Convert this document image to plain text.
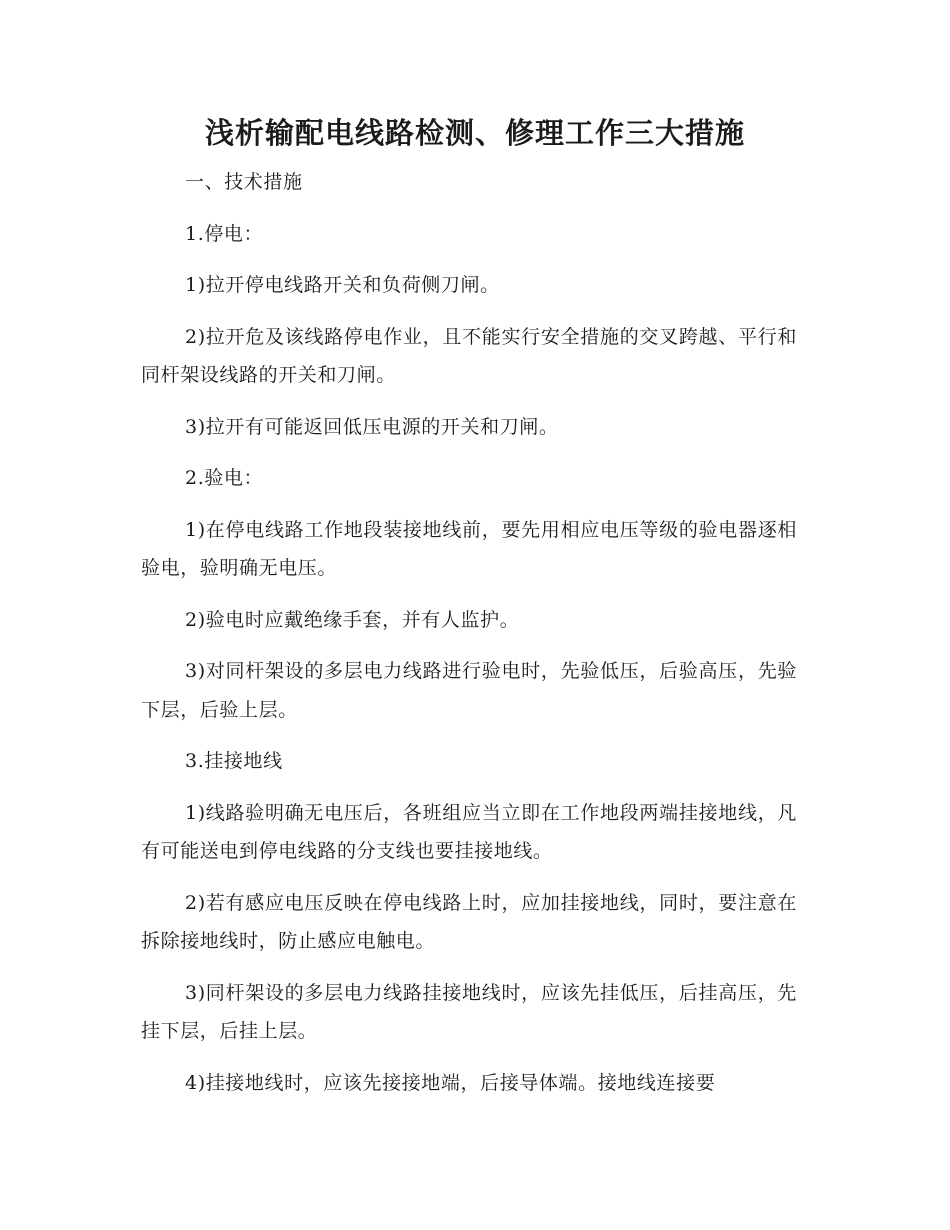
浅析输配电线路检测、修理工作三大措施

一、技术措施

1.停电：

1)拉开停电线路开关和负荷侧刀闸。

2)拉开危及该线路停电作业，且不能实行安全措施的交叉跨越、平行和同杆架设线路的开关和刀闸。

3)拉开有可能返回低压电源的开关和刀闸。

2.验电：

1)在停电线路工作地段装接地线前，要先用相应电压等级的验电器逐相验电，验明确无电压。

2)验电时应戴绝缘手套，并有人监护。

3)对同杆架设的多层电力线路进行验电时，先验低压，后验高压，先验下层，后验上层。

3.挂接地线

1)线路验明确无电压后，各班组应当立即在工作地段两端挂接地线，凡有可能送电到停电线路的分支线也要挂接地线。

2)若有感应电压反映在停电线路上时，应加挂接地线，同时，要注意在拆除接地线时，防止感应电触电。

3)同杆架设的多层电力线路挂接地线时，应该先挂低压，后挂高压，先挂下层，后挂上层。

4)挂接地线时，应该先接接地端，后接导体端。接地线连接要
